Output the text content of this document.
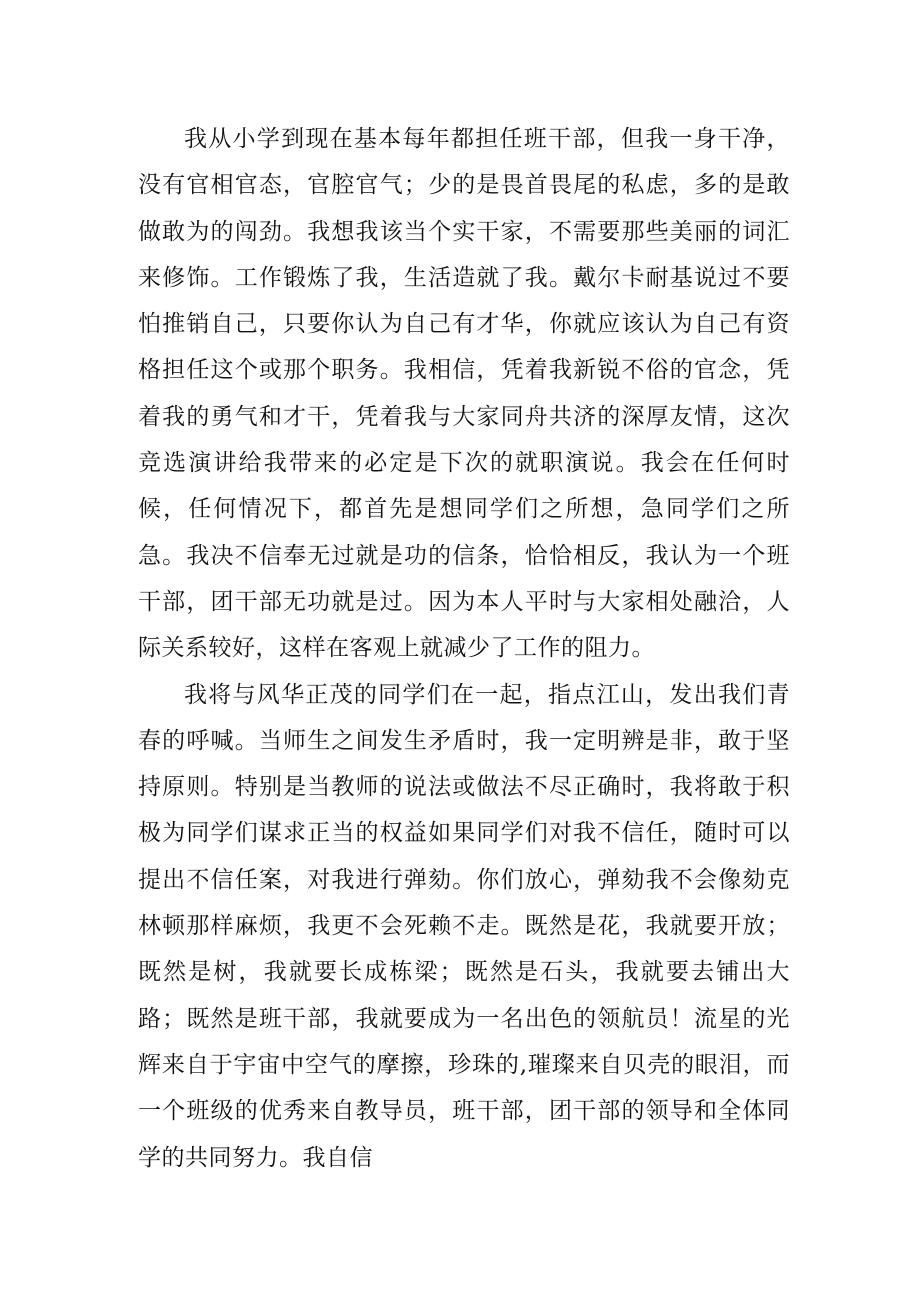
我从小学到现在基本每年都担任班干部，但我一身干净，没有官相官态，官腔官气；少的是畏首畏尾的私虑，多的是敢做敢为的闯劲。我想我该当个实干家，不需要那些美丽的词汇来修饰。工作锻炼了我，生活造就了我。戴尔卡耐基说过不要怕推销自己，只要你认为自己有才华，你就应该认为自己有资格担任这个或那个职务。我相信，凭着我新锐不俗的官念，凭着我的勇气和才干，凭着我与大家同舟共济的深厚友情，这次竞选演讲给我带来的必定是下次的就职演说。我会在任何时候，任何情况下，都首先是想同学们之所想，急同学们之所急。我决不信奉无过就是功的信条，恰恰相反，我认为一个班干部，团干部无功就是过。因为本人平时与大家相处融洽，人际关系较好，这样在客观上就减少了工作的阻力。

我将与风华正茂的同学们在一起，指点江山，发出我们青春的呼喊。当师生之间发生矛盾时，我一定明辨是非，敢于坚持原则。特别是当教师的说法或做法不尽正确时，我将敢于积极为同学们谋求正当的权益如果同学们对我不信任，随时可以提出不信任案，对我进行弹劾。你们放心，弹劾我不会像劾克林顿那样麻烦，我更不会死赖不走。既然是花，我就要开放；既然是树，我就要长成栋梁；既然是石头，我就要去铺出大路；既然是班干部，我就要成为一名出色的领航员！流星的光辉来自于宇宙中空气的摩擦，珍珠的,璀璨来自贝壳的眼泪，而一个班级的优秀来自教导员，班干部，团干部的领导和全体同学的共同努力。我自信
